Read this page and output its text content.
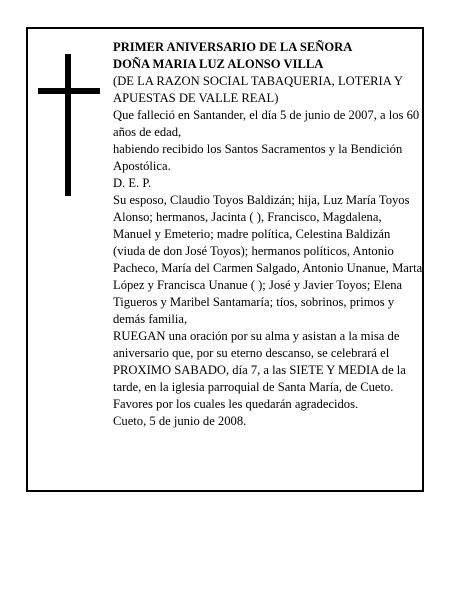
PRIMER ANIVERSARIO DE LA SEÑORA
DOÑA MARIA LUZ ALONSO VILLA
(DE LA RAZON SOCIAL TABAQUERIA, LOTERIA Y APUESTAS DE VALLE REAL)
Que falleció en Santander, el día 5 de junio de 2007, a los 60 años de edad,
habiendo recibido los Santos Sacramentos y la Bendición Apostólica.
D. E. P.
Su esposo, Claudio Toyos Baldizán; hija, Luz María Toyos Alonso; hermanos, Jacinta ( ), Francisco, Magdalena, Manuel y Emeterio; madre política, Celestina Baldizán (viuda de don José Toyos); hermanos políticos, Antonio Pacheco, María del Carmen Salgado, Antonio Unanue, Marta López y Francisca Unanue ( ); José y Javier Toyos; Elena Tigueros y Maribel Santamaría; tíos, sobrinos, primos y demás familia,
RUEGAN una oración por su alma y asistan a la misa de aniversario que, por su eterno descanso, se celebrará el PROXIMO SABADO, día 7, a las SIETE Y MEDIA de la tarde, en la iglesia parroquial de Santa María, de Cueto. Favores por los cuales les quedarán agradecidos.
Cueto, 5 de junio de 2008.
